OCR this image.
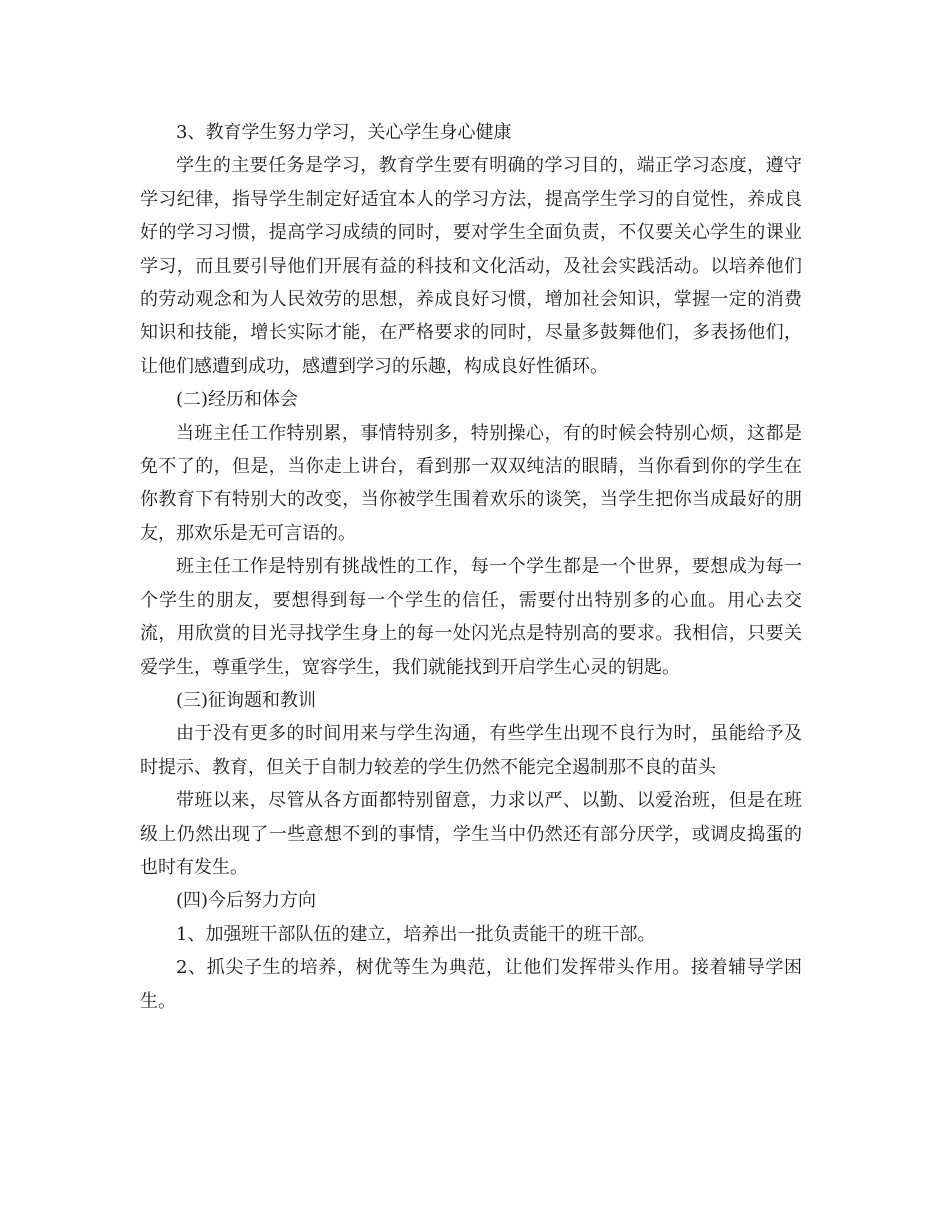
3、教育学生努力学习，关心学生身心健康

学生的主要任务是学习，教育学生要有明确的学习目的，端正学习态度，遵守学习纪律，指导学生制定好适宜本人的学习方法，提高学生学习的自觉性，养成良好的学习习惯，提高学习成绩的同时，要对学生全面负责，不仅要关心学生的课业学习，而且要引导他们开展有益的科技和文化活动，及社会实践活动。以培养他们的劳动观念和为人民效劳的思想，养成良好习惯，增加社会知识，掌握一定的消费知识和技能，增长实际才能，在严格要求的同时，尽量多鼓舞他们，多表扬他们，让他们感遭到成功，感遭到学习的乐趣，构成良好性循环。

(二)经历和体会

当班主任工作特别累，事情特别多，特别操心，有的时候会特别心烦，这都是免不了的，但是，当你走上讲台，看到那一双双纯洁的眼睛，当你看到你的学生在你教育下有特别大的改变，当你被学生围着欢乐的谈笑，当学生把你当成最好的朋友，那欢乐是无可言语的。

班主任工作是特别有挑战性的工作，每一个学生都是一个世界，要想成为每一个学生的朋友，要想得到每一个学生的信任，需要付出特别多的心血。用心去交流，用欣赏的目光寻找学生身上的每一处闪光点是特别高的要求。我相信，只要关爱学生，尊重学生，宽容学生，我们就能找到开启学生心灵的钥匙。

(三)征询题和教训

由于没有更多的时间用来与学生沟通，有些学生出现不良行为时，虽能给予及时提示、教育，但关于自制力较差的学生仍然不能完全遏制那不良的苗头

带班以来，尽管从各方面都特别留意，力求以严、以勤、以爱治班，但是在班级上仍然出现了一些意想不到的事情，学生当中仍然还有部分厌学，或调皮捣蛋的也时有发生。

(四)今后努力方向

1、加强班干部队伍的建立，培养出一批负责能干的班干部。

2、抓尖子生的培养，树优等生为典范，让他们发挥带头作用。接着辅导学困生。
